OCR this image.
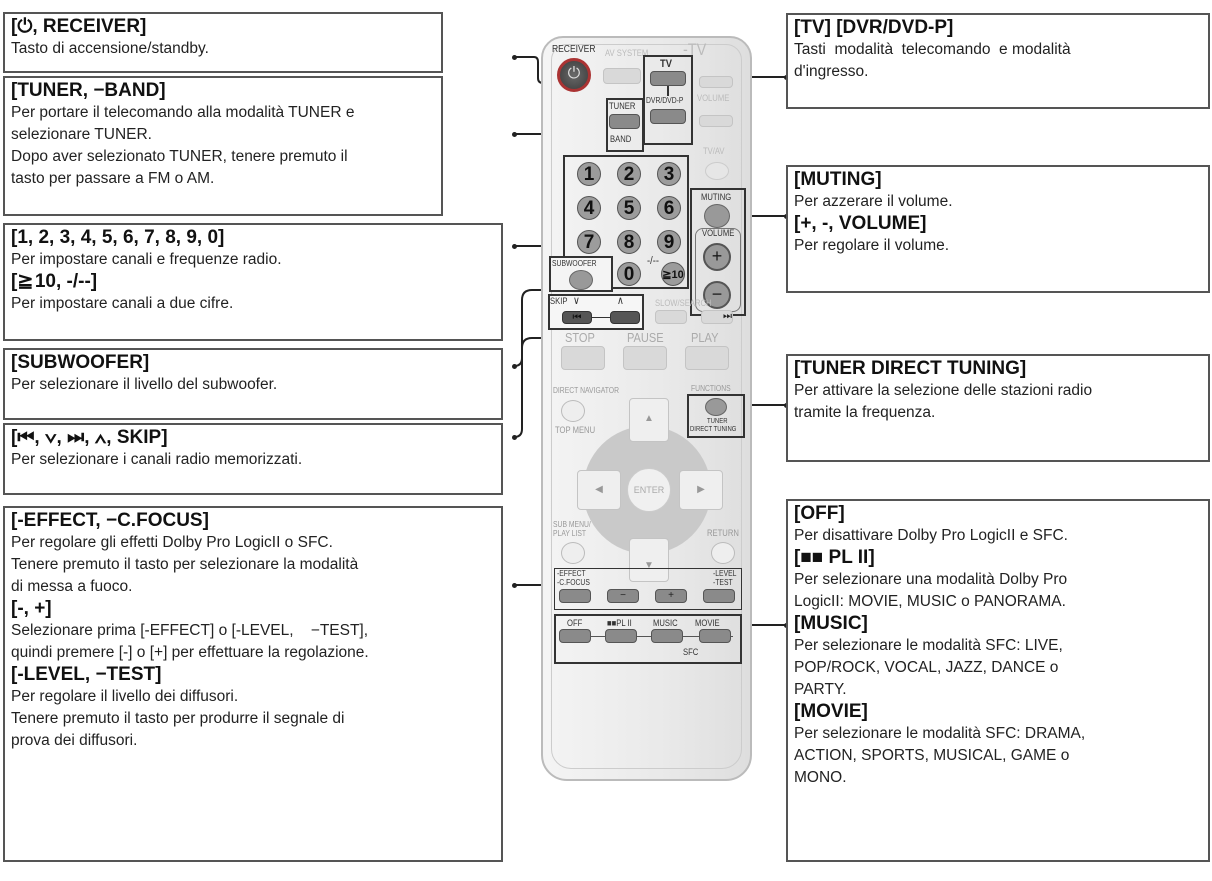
[⏻, RECEIVER]
Tasto di accensione/standby.
[TUNER, −BAND]
Per portare il telecomando alla modalità TUNER e
selezionare TUNER.
Dopo aver selezionato TUNER, tenere premuto il
tasto per passare a FM o AM.
[1, 2, 3, 4, 5, 6, 7, 8, 9, 0]
Per impostare canali e frequenze radio.
[≧ 10, -/--]
Per impostare canali a due cifre.
[SUBWOOFER]
Per selezionare il livello del subwoofer.
[⏮, ∨, ⏭, ∧, SKIP]
Per selezionare i canali radio memorizzati.
[-EFFECT, −C.FOCUS]
Per regolare gli effetti Dolby Pro LogicII o SFC.
Tenere premuto il tasto per selezionare la modalità
di messa a fuoco.
[-, +]
Selezionare prima [-EFFECT] o [-LEVEL,    −TEST],
quindi premere [-] o [+] per effettuare la regolazione.
[-LEVEL, −TEST]
Per regolare il livello dei diffusori.
Tenere premuto il tasto per produrre il segnale di
prova dei diffusori.
[TV] [DVR/DVD-P]
Tasti  modalità  telecomando  e modalità
d'ingresso.
[MUTING]
Per azzerare il volume.
[+, -, VOLUME]
Per regolare il volume.
[TUNER DIRECT TUNING]
Per attivare la selezione delle stazioni radio
tramite la frequenza.
[OFF]
Per disattivare Dolby Pro LogicII e SFC.
[■■ PL II]
Per selezionare una modalità Dolby Pro
LogicII: MOVIE, MUSIC o PANORAMA.
[MUSIC]
Per selezionare le modalità SFC: LIVE,
POP/ROCK, VOCAL, JAZZ, DANCE o
PARTY.
[MOVIE]
Per selezionare le modalità SFC: DRAMA,
ACTION, SPORTS, MUSICAL, GAME o
MONO.
RECEIVER
⏻
AV SYSTEM -TV
TV
DVR/DVD-P
TUNER
BAND
VOLUME
TV/AV
1	2	3
4	5	6
7	8	9
0
-/--
≧10
SUBWOOFER
MUTING
VOLUME
+
−
SKIP ∨	∧
⏮
SLOW/SEARCH
⏭
STOP PAUSE PLAY
DIRECT NAVIGATOR
TOP MENU
FUNCTIONS
TUNER
DIRECT TUNING
▲
▼
◀	▶
ENTER
SUB MENU/
PLAY LIST	RETURN
-EFFECT
-C.FOCUS
-LEVEL
-TEST
−	+
OFF	■■PL II MUSIC MOVIE
SFC
